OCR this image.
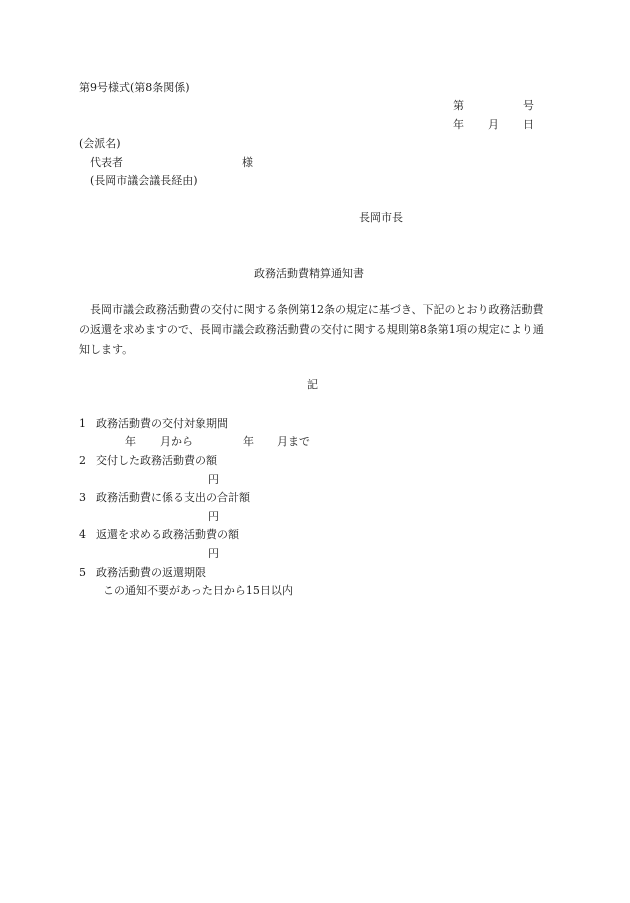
第9号様式(第8条関係)
第	号
年 月 日
(会派名)
代表者	様
(長岡市議会議長経由)
長岡市長
政務活動費精算通知書
　長岡市議会政務活動費の交付に関する条例第12条の規定に基づき、下記のとおり政務活動費の返還を求めますので、長岡市議会政務活動費の交付に関する規則第8条第1項の規定により通知します。
記
1 政務活動費の交付対象期間
年 月から	年 月まで
2 交付した政務活動費の額
円
3 政務活動費に係る支出の合計額
円
4 返還を求める政務活動費の額
円
5 政務活動費の返還期限
この通知不要があった日から15日以内
